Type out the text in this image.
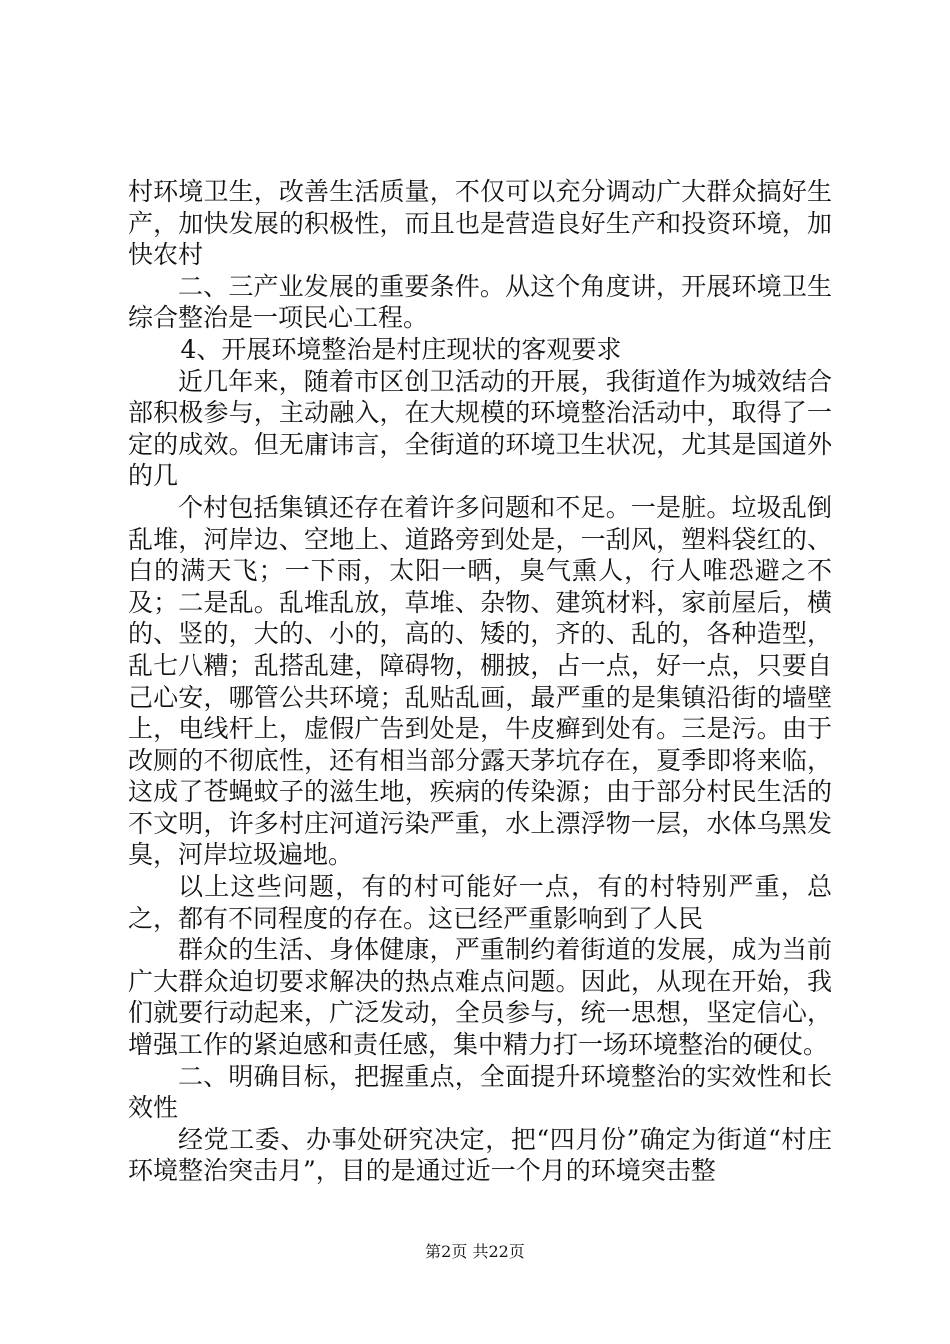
村环境卫生，改善生活质量，不仅可以充分调动广大群众搞好生产，加快发展的积极性，而且也是营造良好生产和投资环境，加快农村

二、三产业发展的重要条件。从这个角度讲，开展环境卫生综合整治是一项民心工程。

4、开展环境整治是村庄现状的客观要求

近几年来，随着市区创卫活动的开展，我街道作为城效结合部积极参与，主动融入，在大规模的环境整治活动中，取得了一定的成效。但无庸讳言，全街道的环境卫生状况，尤其是国道外的几

个村包括集镇还存在着许多问题和不足。一是脏。垃圾乱倒乱堆，河岸边、空地上、道路旁到处是，一刮风，塑料袋红的、白的满天飞；一下雨，太阳一晒，臭气熏人，行人唯恐避之不及；二是乱。乱堆乱放，草堆、杂物、建筑材料，家前屋后，横的、竖的，大的、小的，高的、矮的，齐的、乱的，各种造型，乱七八糟；乱搭乱建，障碍物，棚披，占一点，好一点，只要自己心安，哪管公共环境；乱贴乱画，最严重的是集镇沿街的墙壁上，电线杆上，虚假广告到处是，牛皮癣到处有。三是污。由于改厕的不彻底性，还有相当部分露天茅坑存在，夏季即将来临，这成了苍蝇蚊子的滋生地，疾病的传染源；由于部分村民生活的不文明，许多村庄河道污染严重，水上漂浮物一层，水体乌黑发臭，河岸垃圾遍地。

以上这些问题，有的村可能好一点，有的村特别严重，总之，都有不同程度的存在。这已经严重影响到了人民

群众的生活、身体健康，严重制约着街道的发展，成为当前广大群众迫切要求解决的热点难点问题。因此，从现在开始，我们就要行动起来，广泛发动，全员参与，统一思想，坚定信心，增强工作的紧迫感和责任感，集中精力打一场环境整治的硬仗。

二、明确目标，把握重点，全面提升环境整治的实效性和长效性

经党工委、办事处研究决定，把“四月份”确定为街道“村庄环境整治突击月”，目的是通过近一个月的环境突击整

第2页 共22页
